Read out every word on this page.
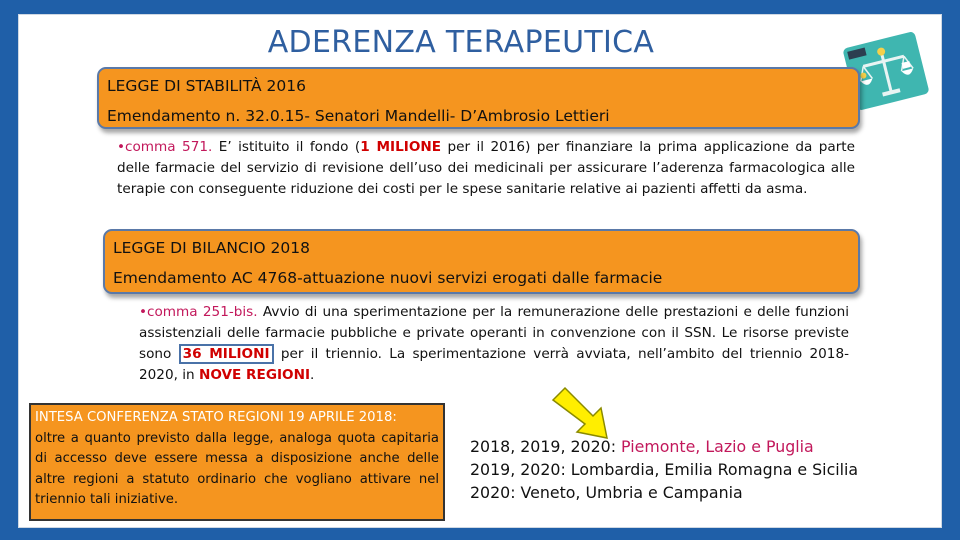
ADERENZA TERAPEUTICA
LEGGE DI STABILITÀ 2016
Emendamento n. 32.0.15- Senatori Mandelli- D’Ambrosio Lettieri
•comma 571. E’ istituito il fondo (1 MILIONE per il 2016) per finanziare la prima applicazione da parte delle farmacie del servizio di revisione dell’uso dei medicinali per assicurare l’aderenza farmacologica alle terapie con conseguente riduzione dei costi per le spese sanitarie relative ai pazienti affetti da asma.
LEGGE DI BILANCIO 2018
Emendamento AC 4768-attuazione nuovi servizi erogati dalle farmacie
•comma 251-bis. Avvio di una sperimentazione per la remunerazione delle prestazioni e delle funzioni assistenziali delle farmacie pubbliche e private operanti in convenzione con il SSN. Le risorse previste sono 36 MILIONI per il triennio. La sperimentazione verrà avviata, nell’ambito del triennio 2018-2020, in NOVE REGIONI.
INTESA CONFERENZA STATO REGIONI 19 APRILE 2018:
oltre a quanto previsto dalla legge, analoga quota capitaria di accesso deve essere messa a disposizione anche delle altre regioni a statuto ordinario che vogliano attivare nel triennio tali iniziative.
2018, 2019, 2020: Piemonte, Lazio e Puglia
2019, 2020: Lombardia, Emilia Romagna e Sicilia
2020: Veneto, Umbria e Campania
